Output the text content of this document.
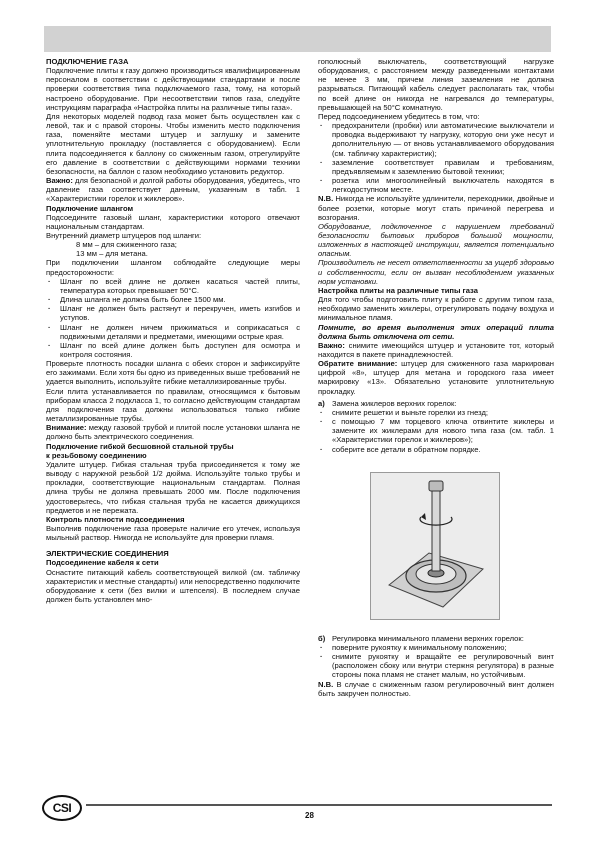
ПОДКЛЮЧЕНИЕ ГАЗА

Подключение плиты к газу должно производиться квалифицированным персоналом в соответствии с действующими стандартами и после проверки соответствия типа подключаемого газа, тому, на который настроено оборудование. При несоответствии типов газа, следуйте инструкциям параграфа «Настройка плиты на различные типы газа».

Для некоторых моделей подвод газа может быть осуществлен как с левой, так и с правой стороны. Чтобы изменить место подключения газа, поменяйте местами штуцер и заглушку и замените уплотнительную прокладку (поставляется с оборудованием). Если плита подсоединяется к баллону со сжиженным газом, отрегулируйте его давление в соответствии с действующими нормами техники безопасности, на баллон с газом необходимо установить редуктор.

Важно: для безопасной и долгой работы оборудования, убедитесь, что давление газа соответствует данным, указанным в табл. 1 «Характеристики горелок и жиклеров».

Подключение шлангом

Подсоедините газовый шланг, характеристики которого отвечают национальным стандартам.

Внутренний диаметр штуцеров под шланги:

8 мм – для сжиженного газа;

13 мм – для метана.

При подключении шлангом соблюдайте следующие меры предосторожности:

· Шланг по всей длине не должен касаться частей плиты, температура которых превышает 50°C.
· Длина шланга не должна быть более 1500 мм.
· Шланг не должен быть растянут и перекручен, иметь изгибов и уступов.
· Шланг не должен ничем прижиматься и соприкасаться с подвижными деталями и предметами, имеющими острые края.
· Шланг по всей длине должен быть доступен для осмотра и контроля состояния.

Проверьте плотность посадки шланга с обеих сторон и зафиксируйте его зажимами. Если хотя бы одно из приведенных выше требований не удается выполнить, используйте гибкие металлизированные трубы.

Если плита устанавливается по правилам, относящимся к бытовым приборам класса 2 подкласса 1, то согласно действующим стандартам для подключения газа должны использоваться только гибкие металлизированные трубы.

Внимание: между газовой трубой и плитой после установки шланга не должно быть электрического соединения.

Подключение гибкой бесшовной стальной трубы

к резьбовому соединению

Удалите штуцер. Гибкая стальная труба присоединяется к тому же выводу с наружной резьбой 1/2 дюйма. Используйте только трубы и прокладки, соответствующие национальным стандартам. Полная длина трубы не должна превышать 2000 мм. После подключения удостоверьтесь, что гибкая стальная труба не касается движущихся предметов и не пережата.

Контроль плотности подсоединения

Выполнив подключение газа проверьте наличие его утечек, используя мыльный раствор. Никогда не используйте для проверки пламя.

ЭЛЕКТРИЧЕСКИЕ СОЕДИНЕНИЯ

Подсоединение кабеля к сети

Оснастите питающий кабель соответствующей вилкой (см. табличку характеристик и местные стандарты) или непосредственно подключите оборудование к сети (без вилки и штепселя). В последнем случае должен быть установлен мно-

гополюсный выключатель, соответствующий нагрузке оборудования, с расстоянием между разведенными контактами не менее 3 мм, причем линия заземления не должна разрываться. Питающий кабель следует располагать так, чтобы по всей длине он никогда не нагревался до температуры, превышающей на 50°C комнатную.

Перед подсоединением убедитесь в том, что:

· предохранители (пробки) или автоматические выключатели и проводка выдерживают ту нагрузку, которую они уже несут и дополнительную — от вновь устанавливаемого оборудования (см. табличку характеристик);
· заземление соответствует правилам и требованиям, предъявляемым к заземлению бытовой техники;
· розетка или многоолинейный выключатель находятся в легкодоступном месте.

N.B. Никогда не используйте удлинители, переходники, двойные и более розетки, которые могут стать причиной перегрева и возгорания.

Оборудование, подключенное с нарушением требований безопасности бытовых приборов большой мощности, изложенных в настоящей инструкции, является потенциально опасным.

Производитель не несет ответственности за ущерб здоровью и собственности, если он вызван несоблюдением указанных норм установки.

Настройка плиты на различные типы газа

Для того чтобы подготовить плиту к работе с другим типом газа, необходимо заменить жиклеры, отрегулировать подачу воздуха и минимальное пламя.

Помните, во время выполнения этих операций плита должна быть отключена от сети.

Важно: снимите имеющийся штуцер и установите тот, который находится в пакете принадлежностей.

Обратите внимание: штуцер для сжиженного газа маркирован цифрой «8», штуцер для метана и городского газа имеет маркировку «13». Обязательно установите уплотнительную прокладку.

а) Замена жиклеров верхних горелок:
· снимите решетки и выньте горелки из гнезд;
· с помощью 7 мм торцевого ключа отвинтите жиклеры и замените их жиклерами для нового типа газа (см. табл. 1 «Характеристики горелок и жиклеров»);
· соберите все детали в обратном порядке.
б) Регулировка минимального пламени верхних горелок:
· поверните рукоятку к минимальному положению;
· снимите рукоятку и вращайте ее регулировочный винт (расположен сбоку или внутри стержня регулятора) в разные стороны пока пламя не станет малым, но устойчивым.

N.B. В случае с сжиженным газом регулировочный винт должен быть закручен полностью.

CSI
28
